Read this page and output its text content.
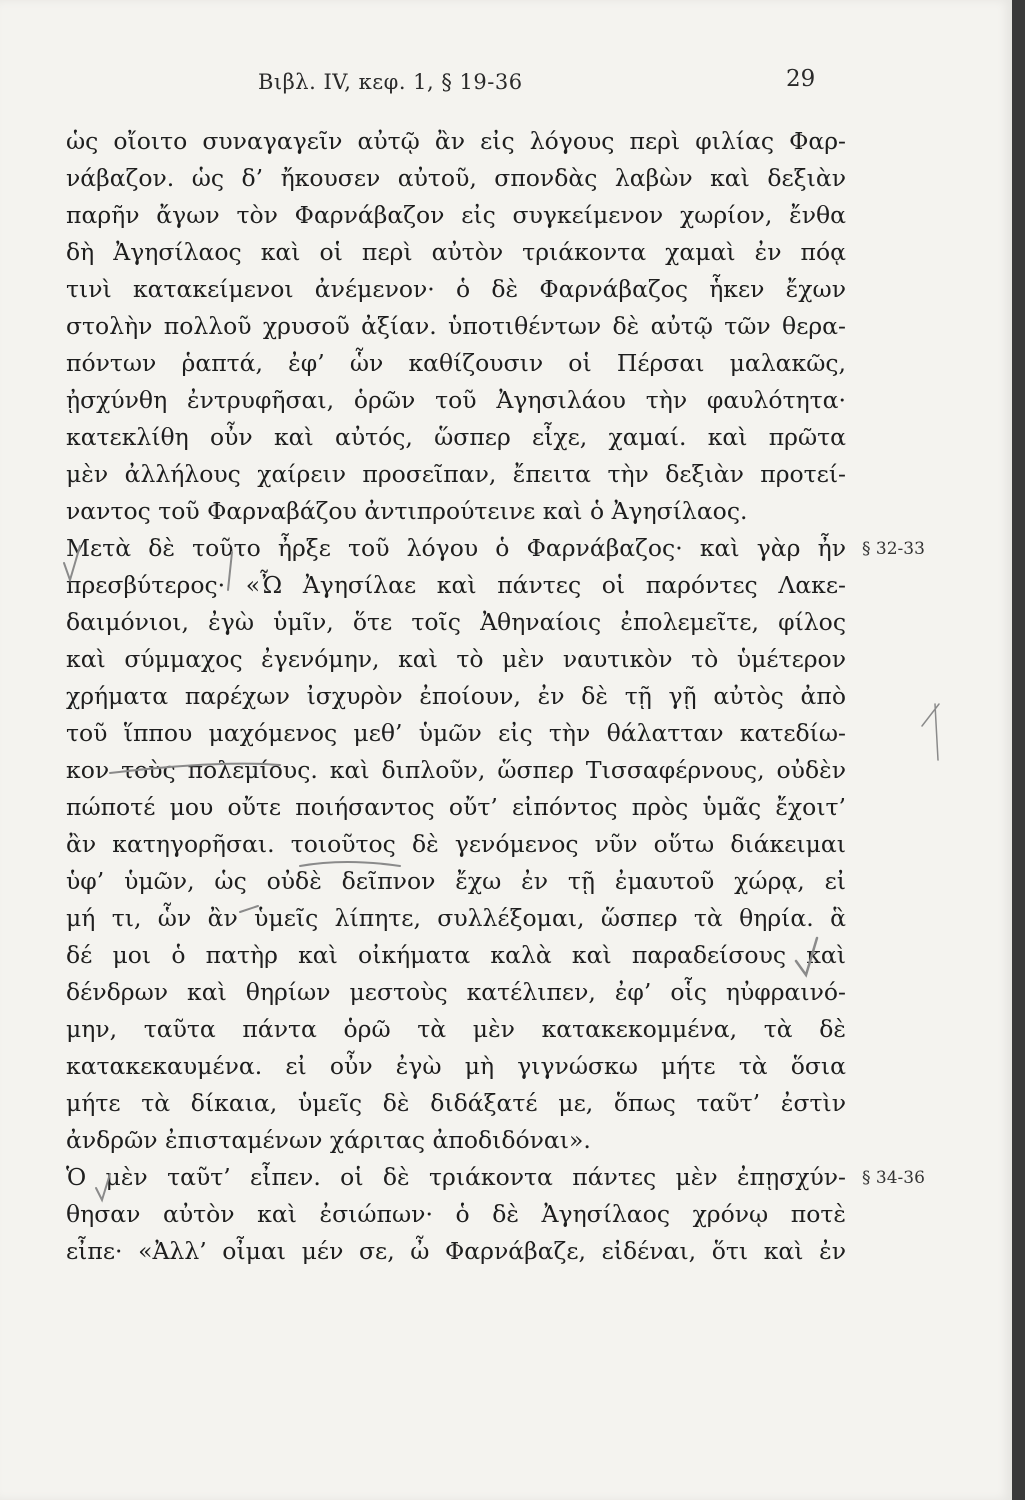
Βιβλ. IV, κεφ. 1, § 19-36	29
ὡς οἴοιτο συναγαγεῖν αὐτῷ ἂν εἰς λόγους περὶ φιλίας Φαρ-
νάβαζον. ὡς δ’ ἤκουσεν αὐτοῦ, σπονδὰς λαβὼν καὶ δεξιὰν
παρῆν ἄγων τὸν Φαρνάβαζον εἰς συγκείμενον χωρίον, ἔνθα
δὴ Ἀγησίλαος καὶ οἱ περὶ αὐτὸν τριάκοντα χαμαὶ ἐν πόᾳ
τινὶ κατακείμενοι ἀνέμενον· ὁ δὲ Φαρνάβαζος ἧκεν ἔχων
στολὴν πολλοῦ χρυσοῦ ἀξίαν. ὑποτιθέντων δὲ αὐτῷ τῶν θερα-
πόντων ῥαπτά, ἐφ’ ὧν καθίζουσιν οἱ Πέρσαι μαλακῶς,
ᾐσχύνθη ἐντρυφῆσαι, ὁρῶν τοῦ Ἀγησιλάου τὴν φαυλότητα·
κατεκλίθη οὖν καὶ αὐτός, ὥσπερ εἶχε, χαμαί. καὶ πρῶτα
μὲν ἀλλήλους χαίρειν προσεῖπαν, ἔπειτα τὴν δεξιὰν προτεί-
ναντος τοῦ Φαρναβάζου ἀντιπρούτεινε καὶ ὁ Ἀγησίλαος.
Μετὰ δὲ τοῦτο ἦρξε τοῦ λόγου ὁ Φαρνάβαζος· καὶ γὰρ ἦν
πρεσβύτερος· «Ὦ Ἀγησίλαε καὶ πάντες οἱ παρόντες Λακε-
δαιμόνιοι, ἐγὼ ὑμῖν, ὅτε τοῖς Ἀθηναίοις ἐπολεμεῖτε, φίλος
καὶ σύμμαχος ἐγενόμην, καὶ τὸ μὲν ναυτικὸν τὸ ὑμέτερον
χρήματα παρέχων ἰσχυρὸν ἐποίουν, ἐν δὲ τῇ γῇ αὐτὸς ἀπὸ
τοῦ ἵππου μαχόμενος μεθ’ ὑμῶν εἰς τὴν θάλατταν κατεδίω-
κον τοὺς πολεμίους. καὶ διπλοῦν, ὥσπερ Τισσαφέρνους, οὐδὲν
πώποτέ μου οὔτε ποιήσαντος οὔτ’ εἰπόντος πρὸς ὑμᾶς ἔχοιτ’
ἂν κατηγορῆσαι. τοιοῦτος δὲ γενόμενος νῦν οὕτω διάκειμαι
ὑφ’ ὑμῶν, ὡς οὐδὲ δεῖπνον ἔχω ἐν τῇ ἐμαυτοῦ χώρᾳ, εἰ
μή τι, ὧν ἂν ὑμεῖς λίπητε, συλλέξομαι, ὥσπερ τὰ θηρία. ἃ
δέ μοι ὁ πατὴρ καὶ οἰκήματα καλὰ καὶ παραδείσους καὶ
δένδρων καὶ θηρίων μεστοὺς κατέλιπεν, ἐφ’ οἷς ηὐφραινό-
μην, ταῦτα πάντα ὁρῶ τὰ μὲν κατακεκομμένα, τὰ δὲ
κατακεκαυμένα. εἰ οὖν ἐγὼ μὴ γιγνώσκω μήτε τὰ ὅσια
μήτε τὰ δίκαια, ὑμεῖς δὲ διδάξατέ με, ὅπως ταῦτ’ ἐστὶν
ἀνδρῶν ἐπισταμένων χάριτας ἀποδιδόναι».
Ὁ μὲν ταῦτ’ εἶπεν. οἱ δὲ τριάκοντα πάντες μὲν ἐπῃσχύν-
θησαν αὐτὸν καὶ ἐσιώπων· ὁ δὲ Ἀγησίλαος χρόνῳ ποτὲ
εἶπε· «Ἀλλ’ οἶμαι μέν σε, ὦ Φαρνάβαζε, εἰδέναι, ὅτι καὶ ἐν
§ 32-33
§ 34-36
